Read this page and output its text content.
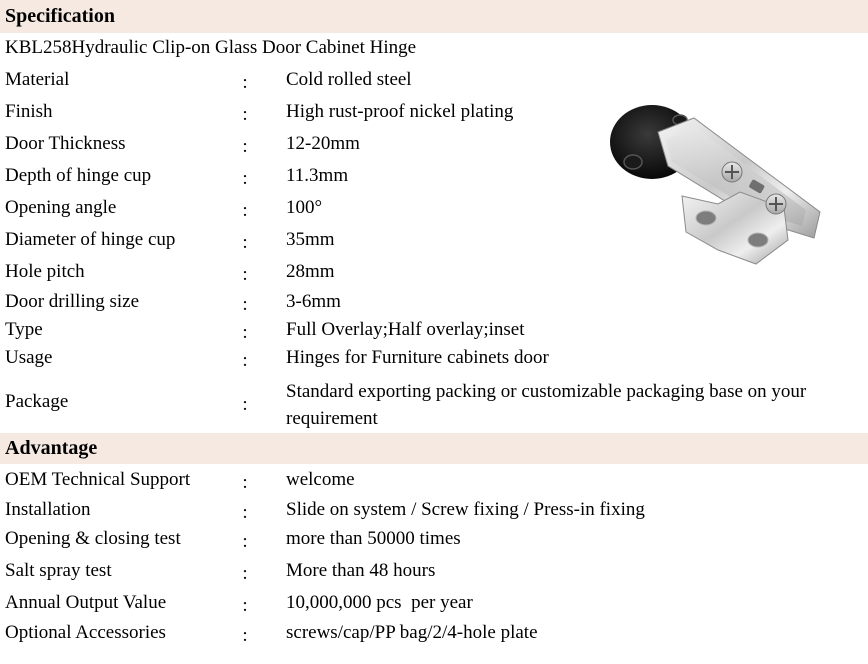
Specification
KBL258Hydraulic Clip-on Glass Door Cabinet Hinge
Material	: Cold rolled steel
Finish	: High rust-proof nickel plating
Door Thickness	: 12-20mm
Depth of hinge cup	: 11.3mm
Opening angle	: 100°
Diameter of hinge cup	: 35mm
Hole pitch	: 28mm
Door drilling size	: 3-6mm
Type	: Full Overlay;Half overlay;inset
Usage	: Hinges for Furniture cabinets door
Package	:
Standard exporting packing or customizable packaging base on your requirement
Advantage
OEM Technical Support	: welcome
Installation	: Slide on system / Screw fixing / Press-in fixing
Opening & closing test	: more than 50000 times
Salt spray test	: More than 48 hours
Annual Output Value	: 10,000,000 pcs  per year
Optional Accessories	: screws/cap/PP bag/2/4-hole plate
